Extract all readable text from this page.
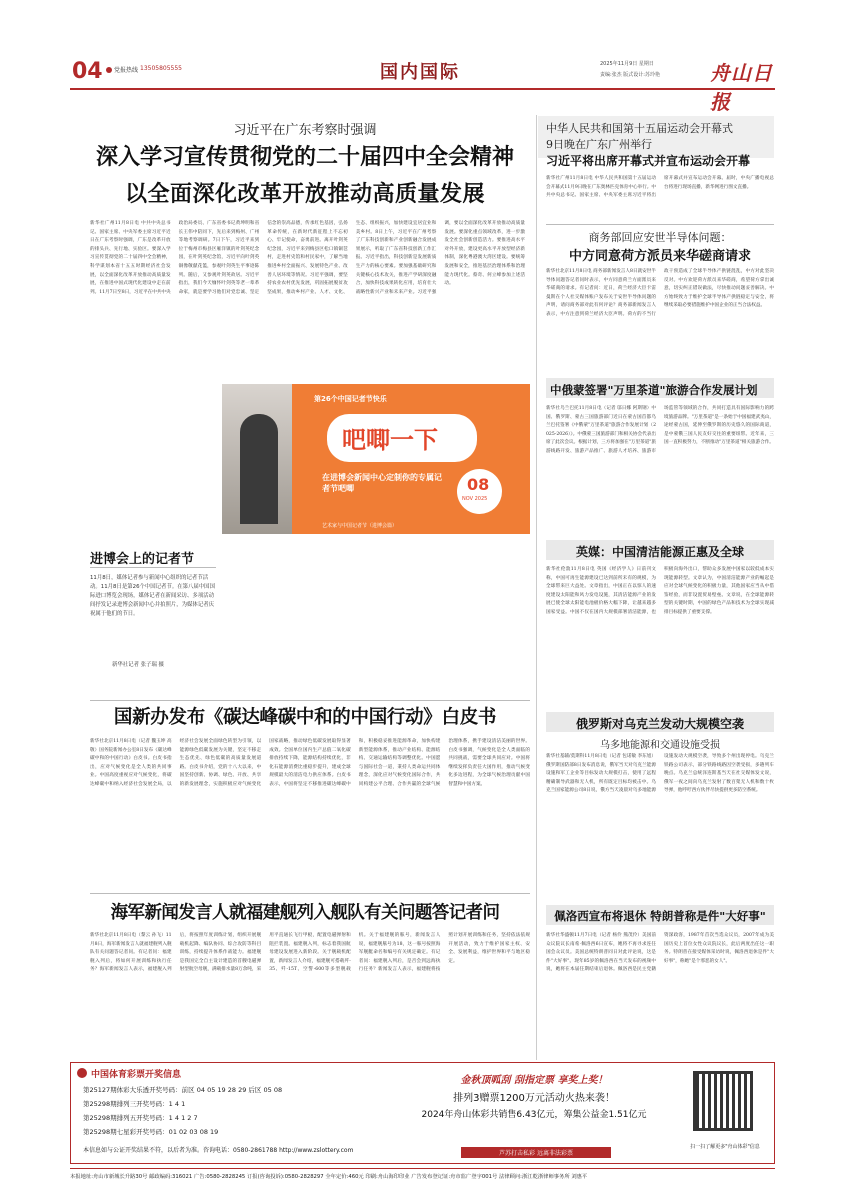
04 党报热线 13505805555	国内国际	2025年11月9日 星期日
责编:张杰 版式设计:苏玲艳	舟山日报
习近平在广东考察时强调
深入学习宣传贯彻党的二十届四中全会精神
以全面深化改革开放推动高质量发展
新华社广州11月8日电 中共中央总书记、国家主席、中央军委主席习近平近日在广东考察时强调，广东是改革开放的排头兵、先行地、实验区。要深入学习宣传贯彻党的二十届四中全会精神，科学谋划本省十五五时期经济社会发展，以全面深化改革开放推动高质量发展，在推进中国式现代化建设中走在前列。11月7日至8日，习近平在中共中央政治局委员、广东省委书记黄坤明和省长王伟中陪同下，先后来到梅州、广州等地考察调研。7日下午，习近平来到位于梅州市梅县区雁洋镇的叶剑英纪念园，在叶剑英纪念馆，习近平向叶剑英铜像敬献花篮，参观叶剑英生平事迹陈列。随后，又参观叶剑英故居。习近平指出，我们今天缅怀叶剑英等老一辈革命家，就是要学习他们对党忠诚、坚定信念的崇高品德，传承红色基因，弘扬革命传统，在新时代新征程上不忘初心、牢记使命，奋勇前进。离开叶剑英纪念园，习近平来到梅县区松口镇铜琶村，走进村史馆和村民家中，了解当地推进乡村全面振兴、发展特色产业、改善人居环境等情况。习近平强调，要坚持农业农村优先发展，巩固拓展脱贫攻坚成果，推动乡村产业、人才、文化、生态、组织振兴，加快建设宜居宜业和美乡村。8日上午，习近平在广州考察了广东科技创新和产业创新融合发展成果展示，听取了广东省科技创新工作汇报。习近平指出，科技创新是发展新质生产力的核心要素。要加强基础研究和关键核心技术攻关，推进产学研深度融合，加快科技成果转化应用，培育壮大战略性新兴产业和未来产业。习近平强调，要以全面深化改革开放推动高质量发展。要深化重点领域改革，进一步激发全社会创新创造活力。要推进高水平对外开放，建设更高水平开放型经济新体制，深化粤港澳大湾区建设。要统筹发展和安全，推进基层治理体系和治理能力现代化。蔡奇、何立峰参加上述活动。
第26个中国记者节快乐
吧唧一下
在进博会新闻中心定制你的专属记者节吧唧	08
NOV 2025
艺术家与中国记者节（进博会篇）
进博会上的记者节
11月8日，媒体记者参与新闻中心组织的记者节活动。11月8日是第26个中国记者节。在第八届中国国际进口博览会现场，媒体记者在新闻采访、多项活动间抒发记录进博会新闻中心并拍照片，为媒体记者庆祝属于他们的节日。
新华社记者 张子瑞 摄
中华人民共和国第十五届运动会开幕式
9日晚在广东广州举行
习近平将出席开幕式并宣布运动会开幕
新华社广州11月8日电 中华人民共和国第十五届运动会开幕式11月9日晚在广东奥林匹克体育中心举行。中共中央总书记、国家主席、中央军委主席习近平将出席开幕式并宣布运动会开幕。届时，中央广播电视总台将进行现场直播，新华网进行图文直播。
商务部回应安世半导体问题：
中方同意荷方派员来华磋商请求
新华社北京11月8日电 商务部新闻发言人8日就安世半导体问题答记者问时表示，中方同意荷兰方面派员来华磋商的请求。有记者问：近日，荷兰经济大臣卡雷曼斯在个人社交媒体账户发布关于安世半导体问题的声明，请问商务部对此有何评论？商务部新闻发言人表示，中方注意到荷兰经济大臣声明。荷方的不当行政干预造成了全球半导体产供链混乱，中方对此坚决反对。中方欢迎荷方派员来华磋商，希望荷方拿出诚意，切实纠正错误做法，尽快推动问题妥善解决。中方始终致力于维护全球半导体产供链稳定与安全，将继续采取必要措施维护中国企业的正当合法权益。
中俄蒙签署"万里茶道"旅游合作发展计划
新华社乌兰巴托11月8日电（记者 邬日娜 阿斯钢）中国、俄罗斯、蒙古三国旅游部门近日在蒙古国首都乌兰巴托签署《中俄蒙"万里茶道"旅游合作发展计划（2025-2026）》。中俄蒙三国旅游部门和相关协会代表出席了此次会议。根据计划，三方将加强在"万里茶道"旅游线路开发、旅游产品推广、旅游人才培养、旅游市场监管等领域的合作，共同打造具有国际影响力的跨境旅游品牌。"万里茶道"是一条始于中国福建武夷山，途经蒙古国，延伸至俄罗斯的历史悠久的国际商道，是中蒙俄三国人民友好交往的重要纽带。近年来，三国一直积极努力，不断推动"万里茶道"相关旅游合作。
英媒：中国清洁能源正惠及全球
新华社伦敦11月8日电 英国《经济学人》日前刊文称，中国可再生能源建设已达到前所未有的规模，为全球带来巨大益处。文章指出，中国正在以惊人的速度建设太阳能和风力发电设施，其清洁能源产业的发展已使全球太阳能电池板价格大幅下降，让越来越多国家受益。中国不仅在国内大规模部署清洁能源，也积极向海外出口，帮助众多发展中国家以较低成本实现能源转型。文章认为，中国清洁能源产业的崛起是应对全球气候变化的积极力量，其他国家应当从中借鉴经验，而非设置贸易壁垒。文章说，在全球能源转型的关键时期，中国的绿色产品和技术为全球实现减排目标提供了重要支撑。
俄罗斯对乌克兰发动大规模空袭
乌多地能源和交通设施受损
新华社基辅/莫斯科11月8日电（记者 包诺敏 李东旭）俄罗斯国防部8日发布消息说，俄军当天对乌克兰能源设施和军工企业等目标发动大规模打击，使用了远程精确制导武器和无人机，所有既定目标均被击中。乌克兰国家能源公司8日说，俄方当天凌晨对乌多地能源设施发动大规模空袭，导致多个州出现停电。乌克兰铁路公司表示，部分铁路线路因空袭受损，多趟列车晚点。乌克兰总统泽连斯基当天在社交媒体发文说，俄军一夜之间向乌克兰发射了数百架无人机和数十枚导弹，他呼吁西方伙伴尽快提供更多防空系统。
佩洛西宣布将退休 特朗普称是件"大好事"
新华社华盛顿11月7日电（记者 杨伶 熊茂伶）美国前众议院议长南希·佩洛西6日宣布，她将不再寻求连任国会众议员。美国总统特朗普同日对此评论说，这是件"大好事"。现年85岁的佩洛西在当天发布的视频中说，她将在本届任期结束后退休。佩洛西是民主党籍资深政客，1987年首次当选众议员，2007年成为美国历史上首位女性众议院议长，此后两度出任这一职务。特朗普在接受媒体采访时说，佩洛西退休是件"大好事"，称她"是个邪恶的女人"。
国新办发布《碳达峰碳中和的中国行动》白皮书
新华社北京11月8日电（记者 魏玉坤 高敬）国务院新闻办公室8日发布《碳达峰碳中和的中国行动》白皮书。白皮书指出，应对气候变化是全人类的共同事业。中国高度重视应对气候变化，将碳达峰碳中和纳入经济社会发展全局，以经济社会发展全面绿色转型为引领，以能源绿色低碳发展为关键，坚定不移走生态优先、绿色低碳的高质量发展道路。白皮书介绍，党的十八大以来，中国坚持创新、协调、绿色、开放、共享的新发展理念，实施积极应对气候变化国家战略，推动绿色低碳发展取得显著成效。全国单位国内生产总值二氧化碳排放持续下降，能源结构持续优化，非化石能源消费比重稳步提升，建成全球规模最大的清洁电力供应体系。白皮书表示，中国将坚定不移推进碳达峰碳中和，积极稳妥推进能源革命，加快构建新型能源体系，推动产业结构、能源结构、交通运输结构等调整优化。中国愿与国际社会一道，秉持人类命运共同体理念，深化应对气候变化国际合作，共同构建公平合理、合作共赢的全球气候治理体系，携手建设清洁美丽的世界。白皮书强调，气候变化是全人类面临的共同挑战，需要全球共同应对。中国将继续发挥负责任大国作用，推动气候变化多边进程，为全球气候治理贡献中国智慧和中国方案。
海军新闻发言人就福建舰列入舰队有关问题答记者问
新华社北京11月8日电（黎云 孙飞）11月8日，海军新闻发言人就福建舰列入舰队有关问题答记者问。有记者问：福建舰入列后，将如何开展训练和执行任务？海军新闻发言人表示，福建舰入列后，将按照年度训练计划，组织开展舰载机起降、编队协同、综合攻防等科目训练，持续提升体系作战能力。福建舰是我国完全自主设计建造的首艘电磁弹射型航空母舰，满载排水量8万余吨，采用平直通长飞行甲板，配置电磁弹射和阻拦装置。福建舰入列，标志着我国航母建设发展进入新阶段。关于舰载机配置，新闻发言人介绍，福建舰可搭载歼-35、歼-15T、空警-600等多型舰载机。关于福建舰的舷号，新闻发言人说，福建舰舷号为18，这一舷号按照海军舰艇命名和编号有关规定确定。有记者问：福建舰入列后，是否会到远海执行任务？新闻发言人表示，福建舰将按照计划开展训练和任务，坚持依法依规开展活动，致力于维护国家主权、安全、发展利益，维护世界和平与地区稳定。
中国体育彩票开奖信息
第25127期体彩大乐透开奖号码：前区 04 05 19 28 29 后区 05 08
第25298期排列三开奖号码：1 4 1
第25298期排列五开奖号码：1 4 1 2 7
第25298期七星彩开奖号码：01 02 03 08 19
本信息如与公证开奖结果不符，以后者为准。咨询电话：0580-2861788 http://www.zslottery.com
金秋顶呱刮 刮指定票 享奖上奖！
排列3赠票1200万元活动火热来袭！
2024年舟山体彩共销售6.43亿元，筹集公益金1.51亿元
芦苏打击私彩 远离非法彩票
扫一扫了解更多"舟山体彩"信息
本报地址:舟山市新城长升路30号 邮政编码:316021 广告:0580-2828245 订报(咨询投诉):0580-2828297 全年定价:460元 印刷:舟山海印印业 广告发布登记证:舟市监广登字001号 法律顾问:浙江乾浙律师事务所 刘惠平
